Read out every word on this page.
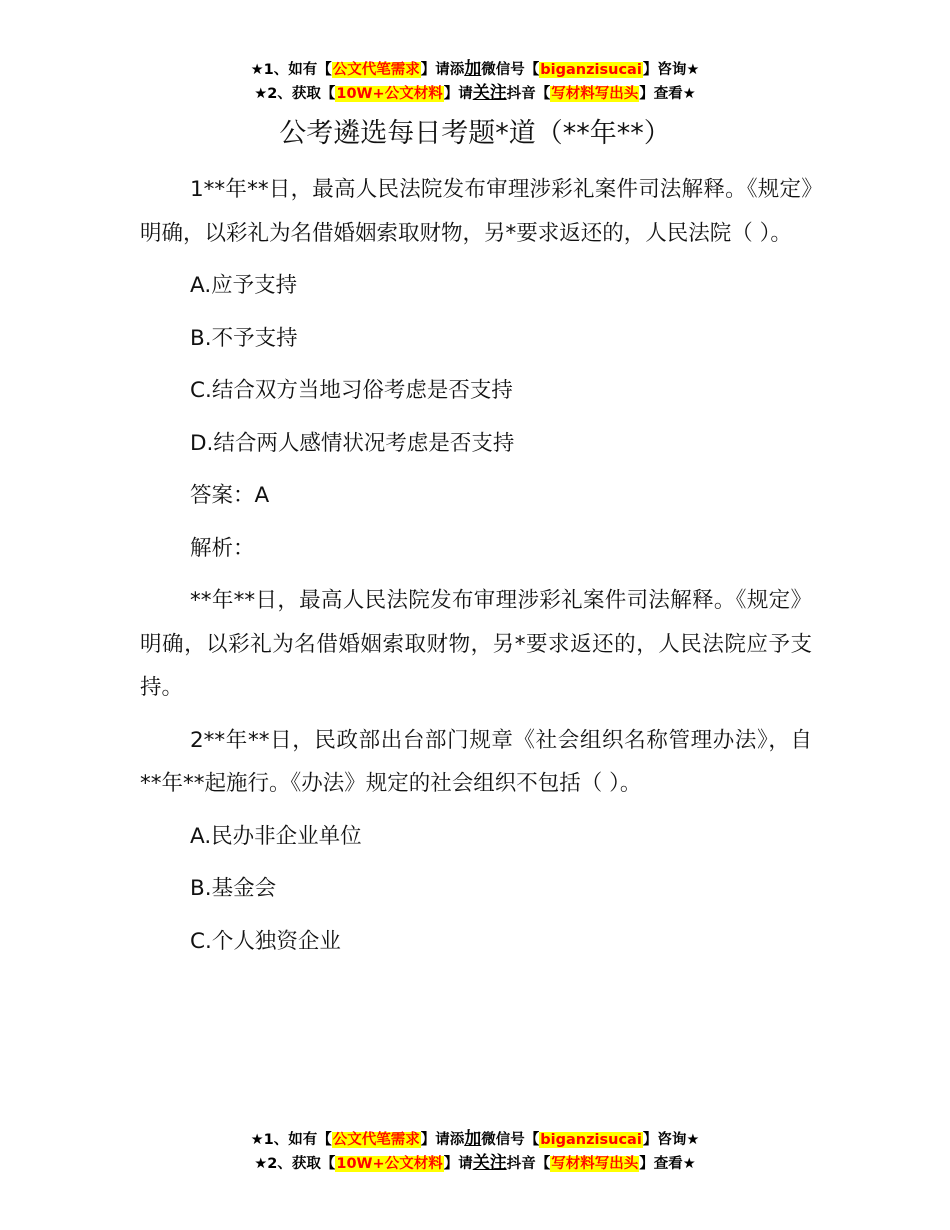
★1、如有【公文代笔需求】请添加微信号【biganzisucai】咨询★
★2、获取【10W+公文材料】请关注抖音【写材料写出头】查看★
公考遴选每日考题*道（**年**）

1**年**日，最高人民法院发布审理涉彩礼案件司法解释。《规定》明确，以彩礼为名借婚姻索取财物，另*要求返还的，人民法院（ ）。

A.应予支持

B.不予支持

C.结合双方当地习俗考虑是否支持

D.结合两人感情状况考虑是否支持

答案：A

解析：

**年**日，最高人民法院发布审理涉彩礼案件司法解释。《规定》明确，以彩礼为名借婚姻索取财物，另*要求返还的，人民法院应予支持。

2**年**日，民政部出台部门规章《社会组织名称管理办法》，自**年**起施行。《办法》规定的社会组织不包括（ ）。

A.民办非企业单位

B.基金会

C.个人独资企业

★1、如有【公文代笔需求】请添加微信号【biganzisucai】咨询★
★2、获取【10W+公文材料】请关注抖音【写材料写出头】查看★
